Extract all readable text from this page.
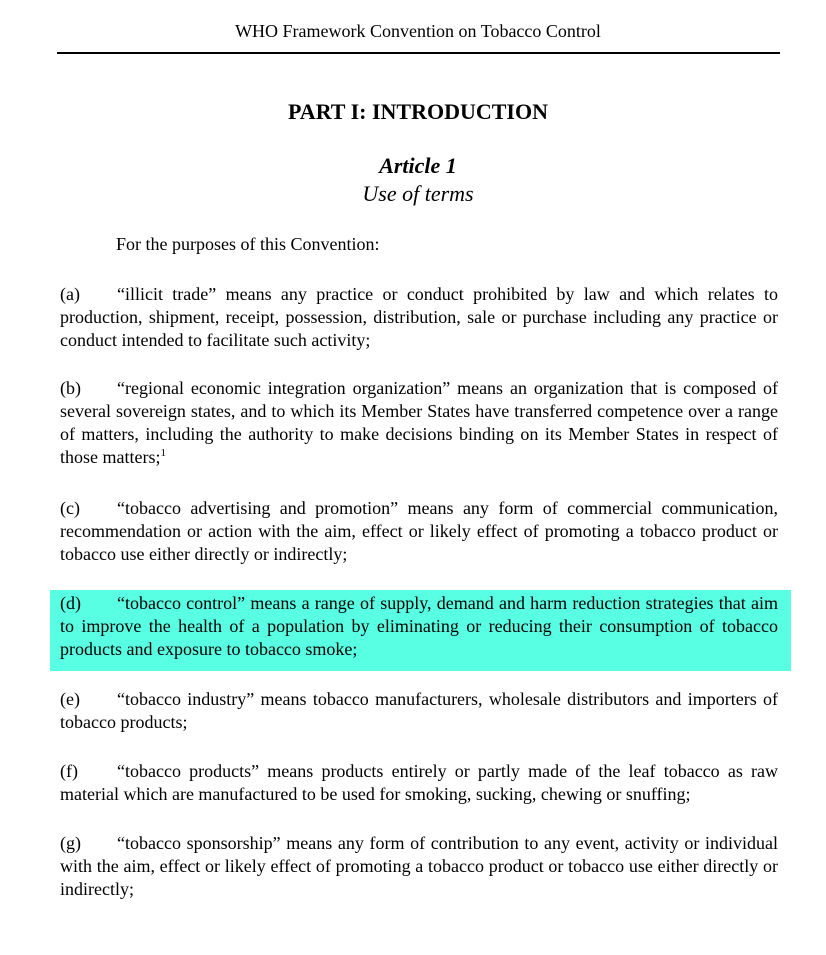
WHO Framework Convention on Tobacco Control
PART I: INTRODUCTION
Article 1
Use of terms
For the purposes of this Convention:

(a) “illicit trade” means any practice or conduct prohibited by law and which relates to production, shipment, receipt, possession, distribution, sale or purchase including any practice or conduct intended to facilitate such activity;

(b) “regional economic integration organization” means an organization that is composed of several sovereign states, and to which its Member States have transferred competence over a range of matters, including the authority to make decisions binding on its Member States in respect of those matters;$^1$

(c) “tobacco advertising and promotion” means any form of commercial communication, recommendation or action with the aim, effect or likely effect of promoting a tobacco product or tobacco use either directly or indirectly;

(d) “tobacco control” means a range of supply, demand and harm reduction strategies that aim to improve the health of a population by eliminating or reducing their consumption of tobacco products and exposure to tobacco smoke;

(e) “tobacco industry” means tobacco manufacturers, wholesale distributors and importers of tobacco products;

(f) “tobacco products” means products entirely or partly made of the leaf tobacco as raw material which are manufactured to be used for smoking, sucking, chewing or snuffing;

(g) “tobacco sponsorship” means any form of contribution to any event, activity or individual with the aim, effect or likely effect of promoting a tobacco product or tobacco use either directly or indirectly;
